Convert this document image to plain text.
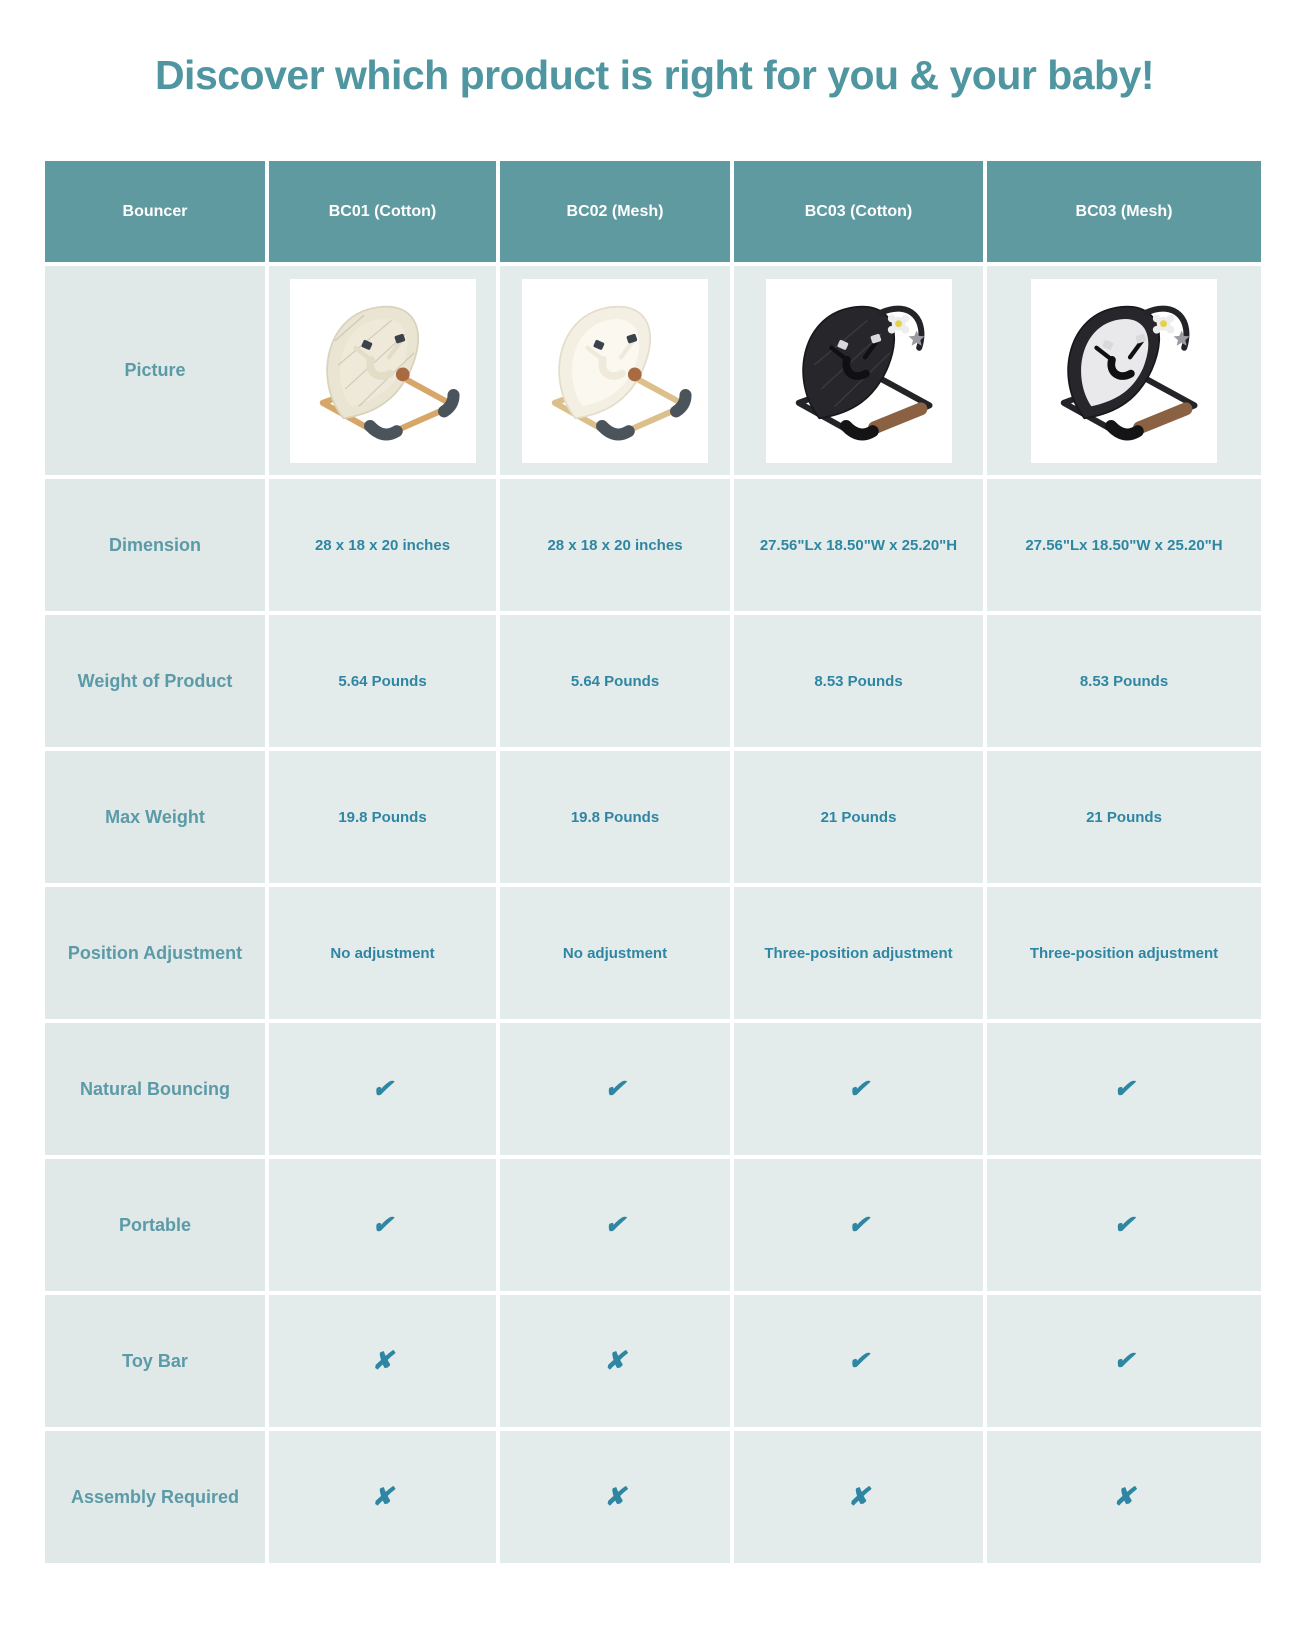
Discover which product is right for you & your baby!
Bouncer	BC01 (Cotton)	BC02 (Mesh)	BC03 (Cotton)	BC03 (Mesh)
Picture
Dimension	28 x 18 x 20 inches	28 x 18 x 20 inches	27.56"Lx 18.50"W x 25.20"H	27.56"Lx 18.50"W x 25.20"H
Weight of Product	5.64 Pounds	5.64 Pounds	8.53 Pounds	8.53 Pounds
Max Weight	19.8 Pounds	19.8 Pounds	21 Pounds	21 Pounds
Position Adjustment	No adjustment	No adjustment	Three-position adjustment	Three-position adjustment
Natural Bouncing	✔	✔	✔	✔
Portable	✔	✔	✔	✔
Toy Bar	✘	✘	✔	✔
Assembly Required	✘	✘	✘	✘
